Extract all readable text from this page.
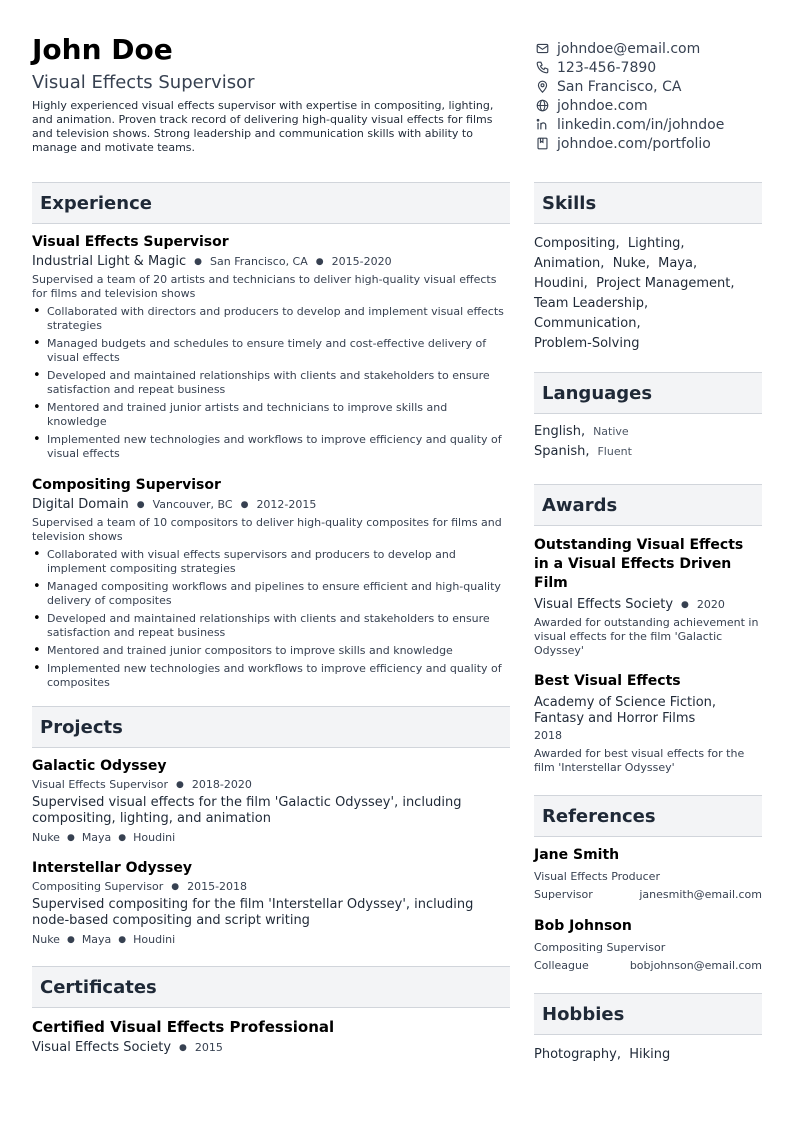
John Doe
Visual Effects Supervisor

Highly experienced visual effects supervisor with expertise in compositing, lighting, and animation. Proven track record of delivering high-quality visual effects for films and television shows. Strong leadership and communication skills with ability to manage and motivate teams.

johndoe@email.com
123-456-7890
San Francisco, CA
johndoe.com
linkedin.com/in/johndoe
johndoe.com/portfolio
Experience
Visual Effects Supervisor
Industrial Light & Magic ● San Francisco, CA ● 2015-2020

Supervised a team of 20 artists and technicians to deliver high-quality visual effects for films and television shows

• Collaborated with directors and producers to develop and implement visual effects strategies
• Managed budgets and schedules to ensure timely and cost-effective delivery of visual effects
• Developed and maintained relationships with clients and stakeholders to ensure satisfaction and repeat business
• Mentored and trained junior artists and technicians to improve skills and knowledge
• Implemented new technologies and workflows to improve efficiency and quality of visual effects
Compositing Supervisor
Digital Domain ● Vancouver, BC ● 2012-2015

Supervised a team of 10 compositors to deliver high-quality composites for films and television shows

• Collaborated with visual effects supervisors and producers to develop and implement compositing strategies
• Managed compositing workflows and pipelines to ensure efficient and high-quality delivery of composites
• Developed and maintained relationships with clients and stakeholders to ensure satisfaction and repeat business
• Mentored and trained junior compositors to improve skills and knowledge
• Implemented new technologies and workflows to improve efficiency and quality of composites
Projects
Galactic Odyssey
Visual Effects Supervisor ● 2018-2020

Supervised visual effects for the film 'Galactic Odyssey', including compositing, lighting, and animation

Nuke ● Maya ● Houdini
Interstellar Odyssey
Compositing Supervisor ● 2015-2018

Supervised compositing for the film 'Interstellar Odyssey', including node-based compositing and script writing

Nuke ● Maya ● Houdini
Certificates
Certified Visual Effects Professional
Visual Effects Society ● 2015
Skills
Compositing, Lighting,
Animation, Nuke, Maya,
Houdini, Project Management,
Team Leadership,
Communication,
Problem-Solving
Languages
English, Native
Spanish, Fluent
Awards
Outstanding Visual Effects in a Visual Effects Driven Film
Visual Effects Society ● 2020
Awarded for outstanding achievement in visual effects for the film 'Galactic Odyssey'
Best Visual Effects
Academy of Science Fiction, Fantasy and Horror Films
2018
Awarded for best visual effects for the film 'Interstellar Odyssey'
References
Jane Smith
Visual Effects Producer
Supervisor	janesmith@email.com
Bob Johnson
Compositing Supervisor
Colleague	bobjohnson@email.com
Hobbies
Photography, Hiking
